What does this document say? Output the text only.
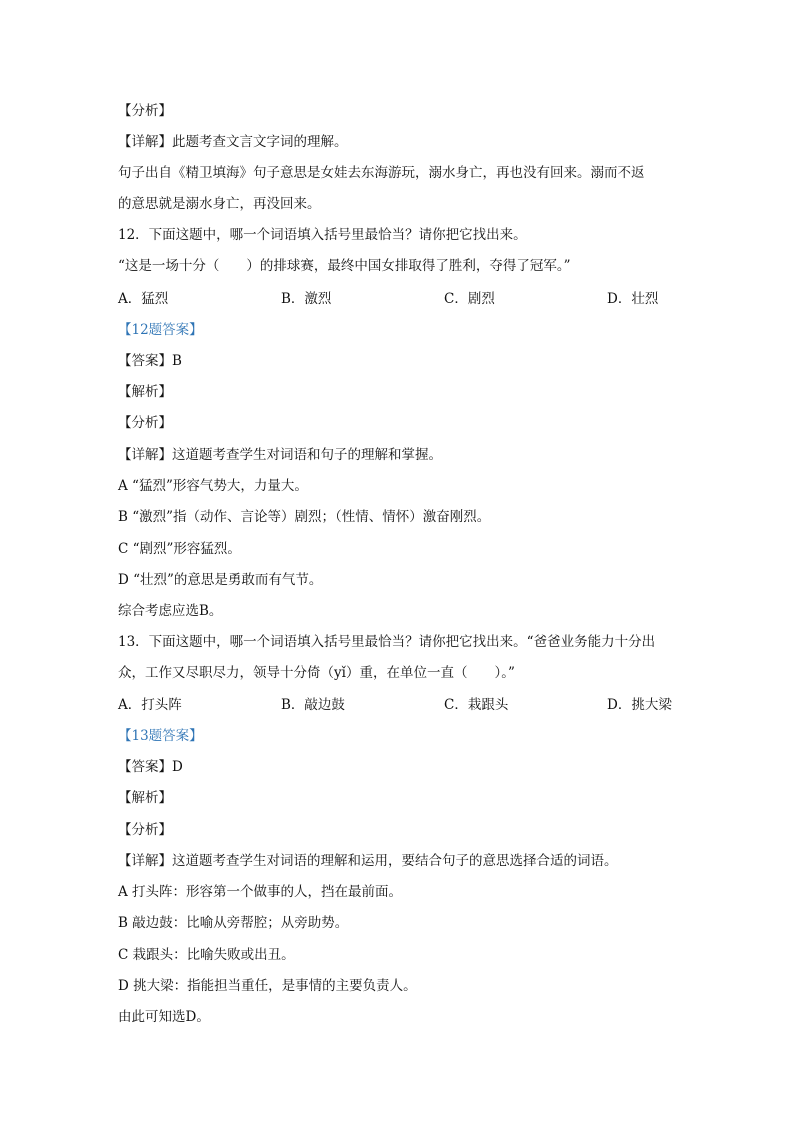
【分析】
【详解】此题考查文言文字词的理解。
句子出自《精卫填海》句子意思是女娃去东海游玩，溺水身亡，再也没有回来。溺而不返
的意思就是溺水身亡，再没回来。
12．下面这题中，哪一个词语填入括号里最恰当？请你把它找出来。
“这是一场十分（　　）的排球赛，最终中国女排取得了胜利，夺得了冠军。”
A．猛烈	B．激烈	C．剧烈	D．壮烈
【12题答案】
【答案】B
【解析】
【分析】
【详解】这道题考查学生对词语和句子的理解和掌握。
A “猛烈”形容气势大，力量大。
B “激烈”指（动作、言论等）剧烈；（性情、情怀）激奋刚烈。
C “剧烈”形容猛烈。
D “壮烈”的意思是勇敢而有气节。
综合考虑应选B。
13．下面这题中，哪一个词语填入括号里最恰当？请你把它找出来。“爸爸业务能力十分出
众，工作又尽职尽力，领导十分倚（yǐ）重，在单位一直（　　）。”
A．打头阵	B．敲边鼓	C．栽跟头	D．挑大梁
【13题答案】
【答案】D
【解析】
【分析】
【详解】这道题考查学生对词语的理解和运用，要结合句子的意思选择合适的词语。
A 打头阵：形容第一个做事的人，挡在最前面。
B 敲边鼓：比喻从旁帮腔；从旁助势。
C 栽跟头：比喻失败或出丑。
D 挑大梁：指能担当重任，是事情的主要负责人。
由此可知选D。
